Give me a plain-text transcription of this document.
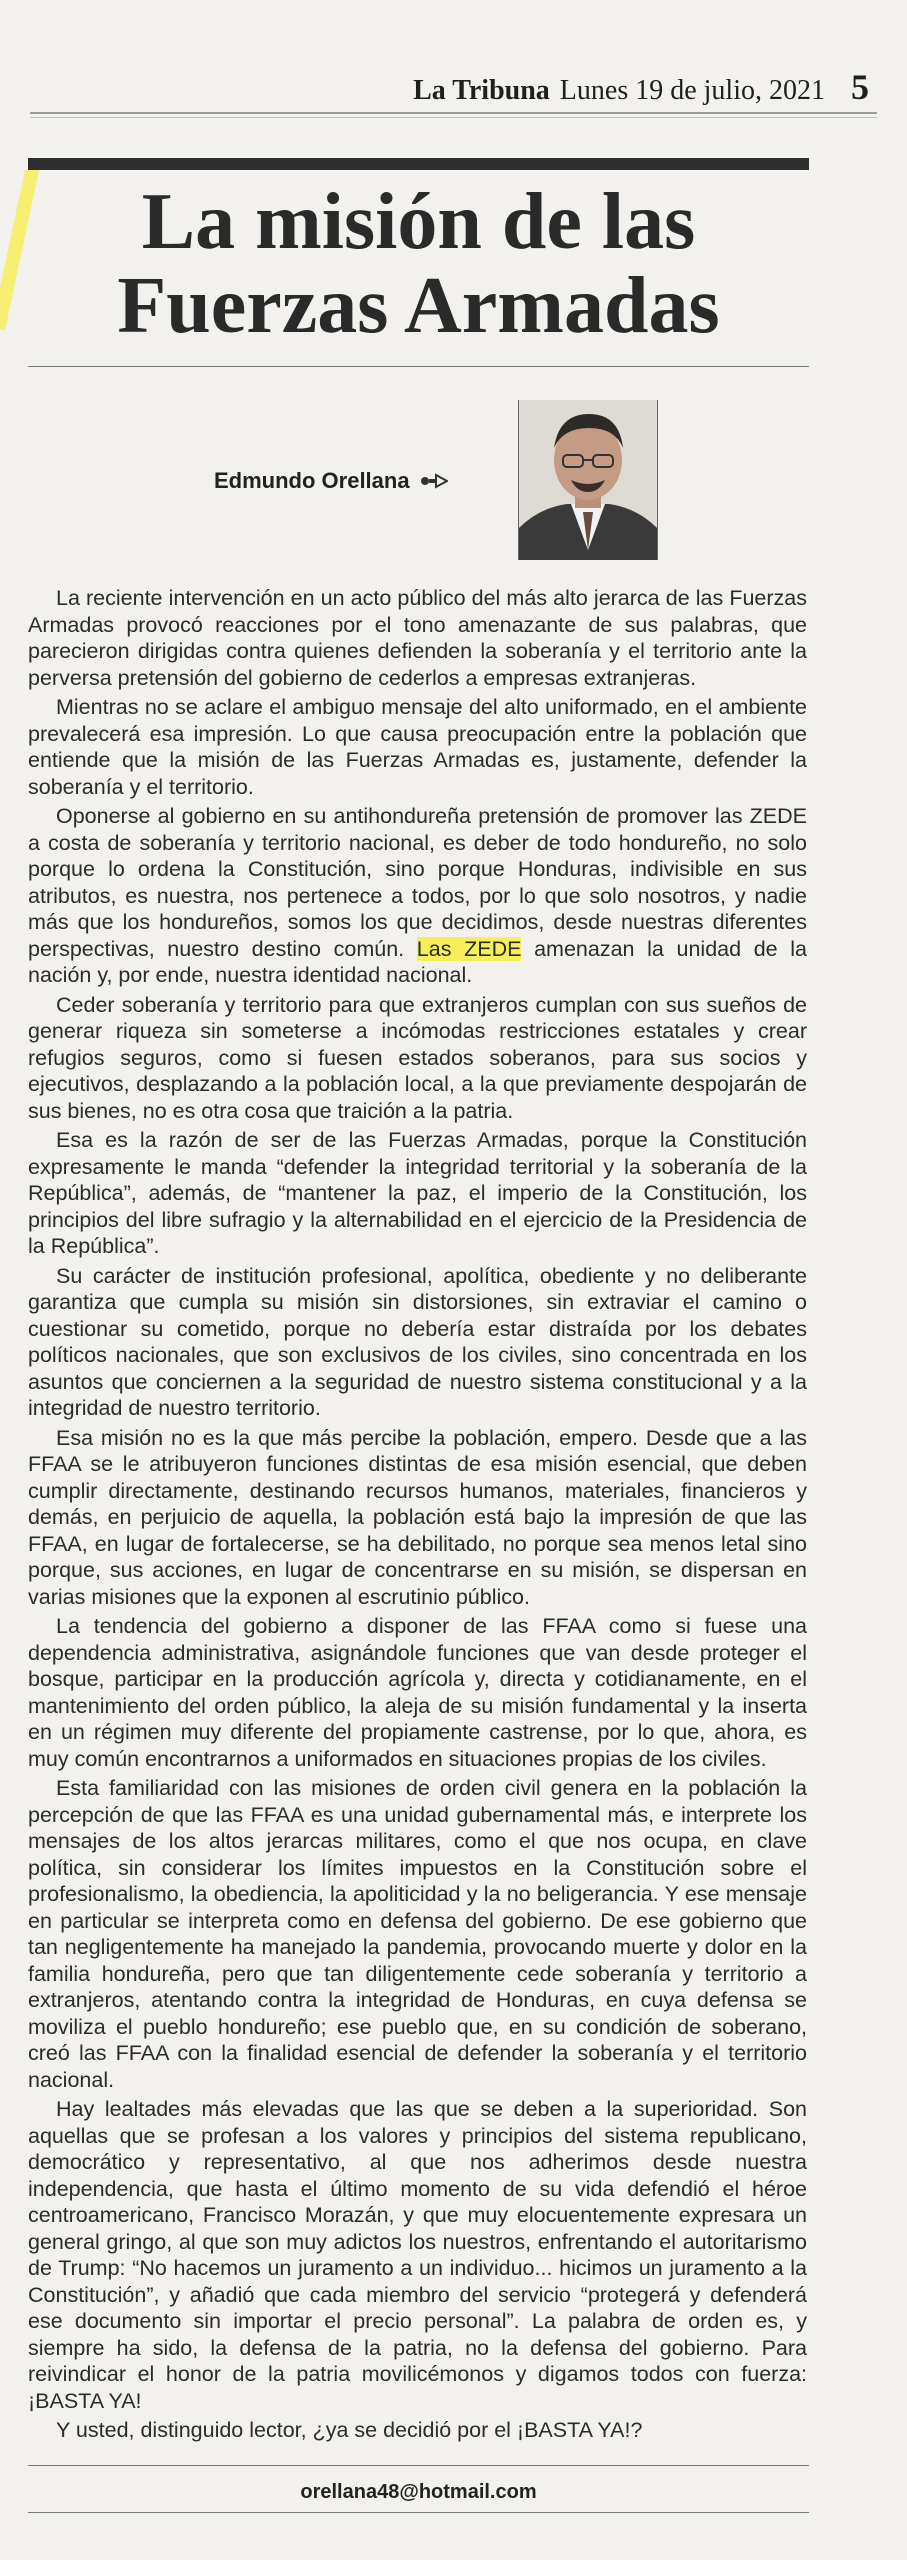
La Tribuna Lunes 19 de julio, 2021 5
La misión de las
Fuerzas Armadas
Edmundo Orellana

La reciente intervención en un acto público del más alto jerarca de las Fuerzas Armadas provocó reacciones por el tono amenazante de sus palabras, que parecieron dirigidas contra quienes defienden la soberanía y el territorio ante la perversa pretensión del gobierno de cederlos a empresas extranjeras.

Mientras no se aclare el ambiguo mensaje del alto uniformado, en el ambiente prevalecerá esa impresión. Lo que causa preocupación entre la población que entiende que la misión de las Fuerzas Armadas es, justamente, defender la soberanía y el territorio.

Oponerse al gobierno en su antihondureña pretensión de promover las ZEDE a costa de soberanía y territorio nacional, es deber de todo hondureño, no solo porque lo ordena la Constitución, sino porque Honduras, indivisible en sus atributos, es nuestra, nos pertenece a todos, por lo que solo nosotros, y nadie más que los hondureños, somos los que decidimos, desde nuestras diferentes perspectivas, nuestro destino común. Las ZEDE amenazan la unidad de la nación y, por ende, nuestra identidad nacional.

Ceder soberanía y territorio para que extranjeros cumplan con sus sueños de generar riqueza sin someterse a incómodas restricciones estatales y crear refugios seguros, como si fuesen estados soberanos, para sus socios y ejecutivos, desplazando a la población local, a la que previamente despojarán de sus bienes, no es otra cosa que traición a la patria.

Esa es la razón de ser de las Fuerzas Armadas, porque la Constitución expresamente le manda “defender la integridad territorial y la soberanía de la República”, además, de “mantener la paz, el imperio de la Constitución, los principios del libre sufragio y la alternabilidad en el ejercicio de la Presidencia de la República”.

Su carácter de institución profesional, apolítica, obediente y no deliberante garantiza que cumpla su misión sin distorsiones, sin extraviar el camino o cuestionar su cometido, porque no debería estar distraída por los debates políticos nacionales, que son exclusivos de los civiles, sino concentrada en los asuntos que conciernen a la seguridad de nuestro sistema constitucional y a la integridad de nuestro territorio.

Esa misión no es la que más percibe la población, empero. Desde que a las FFAA se le atribuyeron funciones distintas de esa misión esencial, que deben cumplir directamente, destinando recursos humanos, materiales, financieros y demás, en perjuicio de aquella, la población está bajo la impresión de que las FFAA, en lugar de fortalecerse, se ha debilitado, no porque sea menos letal sino porque, sus acciones, en lugar de concentrarse en su misión, se dispersan en varias misiones que la exponen al escrutinio público.

La tendencia del gobierno a disponer de las FFAA como si fuese una dependencia administrativa, asignándole funciones que van desde proteger el bosque, participar en la producción agrícola y, directa y cotidianamente, en el mantenimiento del orden público, la aleja de su misión fundamental y la inserta en un régimen muy diferente del propiamente castrense, por lo que, ahora, es muy común encontrarnos a uniformados en situaciones propias de los civiles.

Esta familiaridad con las misiones de orden civil genera en la población la percepción de que las FFAA es una unidad gubernamental más, e interprete los mensajes de los altos jerarcas militares, como el que nos ocupa, en clave política, sin considerar los límites impuestos en la Constitución sobre el profesionalismo, la obediencia, la apoliticidad y la no beligerancia. Y ese mensaje en particular se interpreta como en defensa del gobierno. De ese gobierno que tan negligentemente ha manejado la pandemia, provocando muerte y dolor en la familia hondureña, pero que tan diligentemente cede soberanía y territorio a extranjeros, atentando contra la integridad de Honduras, en cuya defensa se moviliza el pueblo hondureño; ese pueblo que, en su condición de soberano, creó las FFAA con la finalidad esencial de defender la soberanía y el territorio nacional.

Hay lealtades más elevadas que las que se deben a la superioridad. Son aquellas que se profesan a los valores y principios del sistema republicano, democrático y representativo, al que nos adherimos desde nuestra independencia, que hasta el último momento de su vida defendió el héroe centroamericano, Francisco Morazán, y que muy elocuentemente expresara un general gringo, al que son muy adictos los nuestros, enfrentando el autoritarismo de Trump: “No hacemos un juramento a un individuo... hicimos un juramento a la Constitución”, y añadió que cada miembro del servicio “protegerá y defenderá ese documento sin importar el precio personal”. La palabra de orden es, y siempre ha sido, la defensa de la patria, no la defensa del gobierno. Para reivindicar el honor de la patria movilicémonos y digamos todos con fuerza: ¡BASTA YA!

Y usted, distinguido lector, ¿ya se decidió por el ¡BASTA YA!?

orellana48@hotmail.com
